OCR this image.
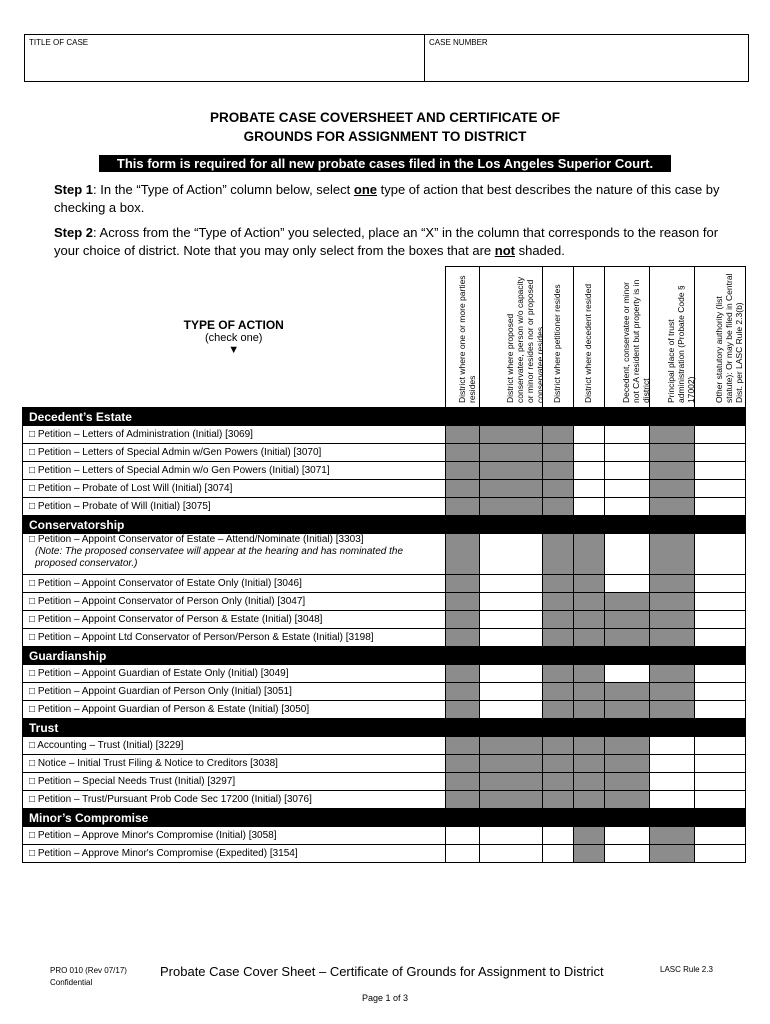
TITLE OF CASE	CASE NUMBER
PROBATE CASE COVERSHEET AND CERTIFICATE OF
GROUNDS FOR ASSIGNMENT TO DISTRICT
This form is required for all new probate cases filed in the Los Angeles Superior Court.
Step 1: In the “Type of Action” column below, select one type of action that best describes the nature of this case by checking a box.
Step 2: Across from the “Type of Action” you selected, place an “X” in the column that corresponds to the reason for your choice of district. Note that you may only select from the boxes that are not shaded.
TYPE OF ACTION
(check one)
▼	District where one or more parties resides	District where proposed conservatee, person w/o capacity or minor resides nor or proposed conservatee resides	District where petitioner resides	District where decedent resided	Decedent, conservatee or minor not CA resident but property is in district	Principal place of trust administration (Probate Code § 17002)	Other statutory authority (list statute): Or may be filed in Central Dist. per LASC Rule 2.3(b)

Decedent’s Estate							
□ Petition – Letters of Administration (Initial) [3069]							
□ Petition – Letters of Special Admin w/Gen Powers (Initial) [3070]							
□ Petition – Letters of Special Admin w/o Gen Powers (Initial) [3071]							
□ Petition – Probate of Lost Will (Initial) [3074]							
□ Petition – Probate of Will (Initial) [3075]							
Conservatorship							
□ Petition – Appoint Conservator of Estate – Attend/Nominate (Initial) [3303]
(Note: The proposed conservatee will appear at the hearing and has nominated the proposed conservator.)							

□ Petition – Appoint Conservator of Estate Only (Initial) [3046]							
□ Petition – Appoint Conservator of Person Only (Initial) [3047]							
□ Petition – Appoint Conservator of Person & Estate (Initial) [3048]							
□ Petition – Appoint Ltd Conservator of Person/Person & Estate (Initial) [3198]							
Guardianship							
□ Petition – Appoint Guardian of Estate Only (Initial) [3049]							
□ Petition – Appoint Guardian of Person Only (Initial) [3051]							
□ Petition – Appoint Guardian of Person & Estate (Initial) [3050]							
Trust							
□ Accounting – Trust (Initial) [3229]							
□ Notice – Initial Trust Filing & Notice to Creditors [3038]							
□ Petition – Special Needs Trust (Initial) [3297]							
□ Petition – Trust/Pursuant Prob Code Sec 17200 (Initial) [3076]							
Minor’s Compromise							
□ Petition – Approve Minor's Compromise (Initial) [3058]							
□ Petition – Approve Minor's Compromise (Expedited) [3154]							
PRO 010 (Rev 07/17)
Confidential
Probate Case Cover Sheet – Certificate of Grounds for Assignment to District	LASC Rule 2.3
Page 1 of 3
